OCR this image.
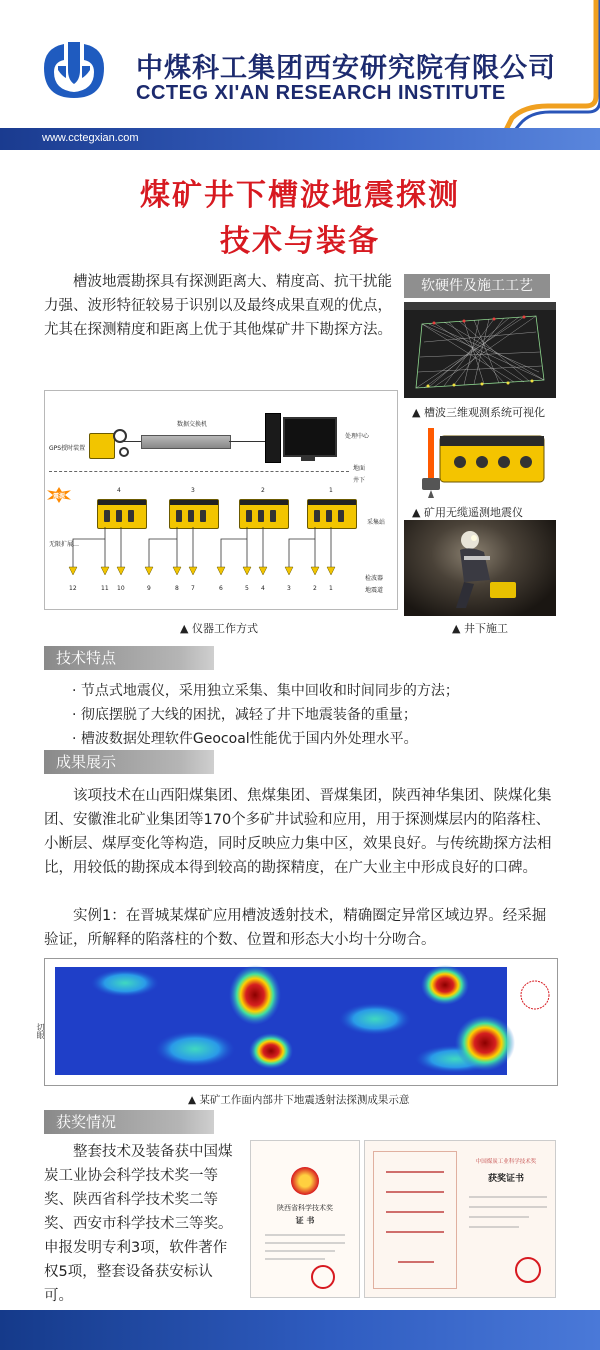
中煤科工集团西安研究院有限公司
CCTEG XI'AN RESEARCH INSTITUTE
www.cctegxian.com
煤矿井下槽波地震探测
技术与装备
槽波地震勘探具有探测距离大、精度高、抗干扰能力强、波形特征较易于识别以及最终成果直观的优点，尤其在探测精度和距离上优于其他煤矿井下勘探方法。
软硬件及施工工艺
▲ 槽波三维观测系统可视化
▲ 矿用无缆遥测地震仪
▲ 井下施工
GPS授时装置
数据交换机
处理中心
地面
井下
震源
4	3	2	1
采集站
无限扩展…
12	11 10	9	8 7	6	5 4	3	2 1
检波器
地震道
▲ 仪器工作方式
技术特点
· 节点式地震仪，采用独立采集、集中回收和时间同步的方法；
· 彻底摆脱了大线的困扰，减轻了井下地震装备的重量；
· 槽波数据处理软件Geocoal性能优于国内外处理水平。
成果展示
该项技术在山西阳煤集团、焦煤集团、晋煤集团，陕西神华集团、陕煤化集团、安徽淮北矿业集团等170个多矿井试验和应用，用于探测煤层内的陷落柱、小断层、煤厚变化等构造，同时反映应力集中区，效果良好。与传统勘探方法相比，用较低的勘探成本得到较高的勘探精度，在广大业主中形成良好的口碑。
实例1：在晋城某煤矿应用槽波透射技术，精确圈定异常区域边界。经采掘验证，所解释的陷落柱的个数、位置和形态大小均十分吻合。
切眼
▲ 某矿工作面内部井下地震透射法探测成果示意
获奖情况
整套技术及装备获中国煤炭工业协会科学技术奖一等奖、陕西省科学技术奖二等奖、西安市科学技术三等奖。申报发明专利3项，软件著作权5项，整套设备获安标认可。
陕西省科学技术奖
证 书
中国煤炭工业科学技术奖
获奖证书
